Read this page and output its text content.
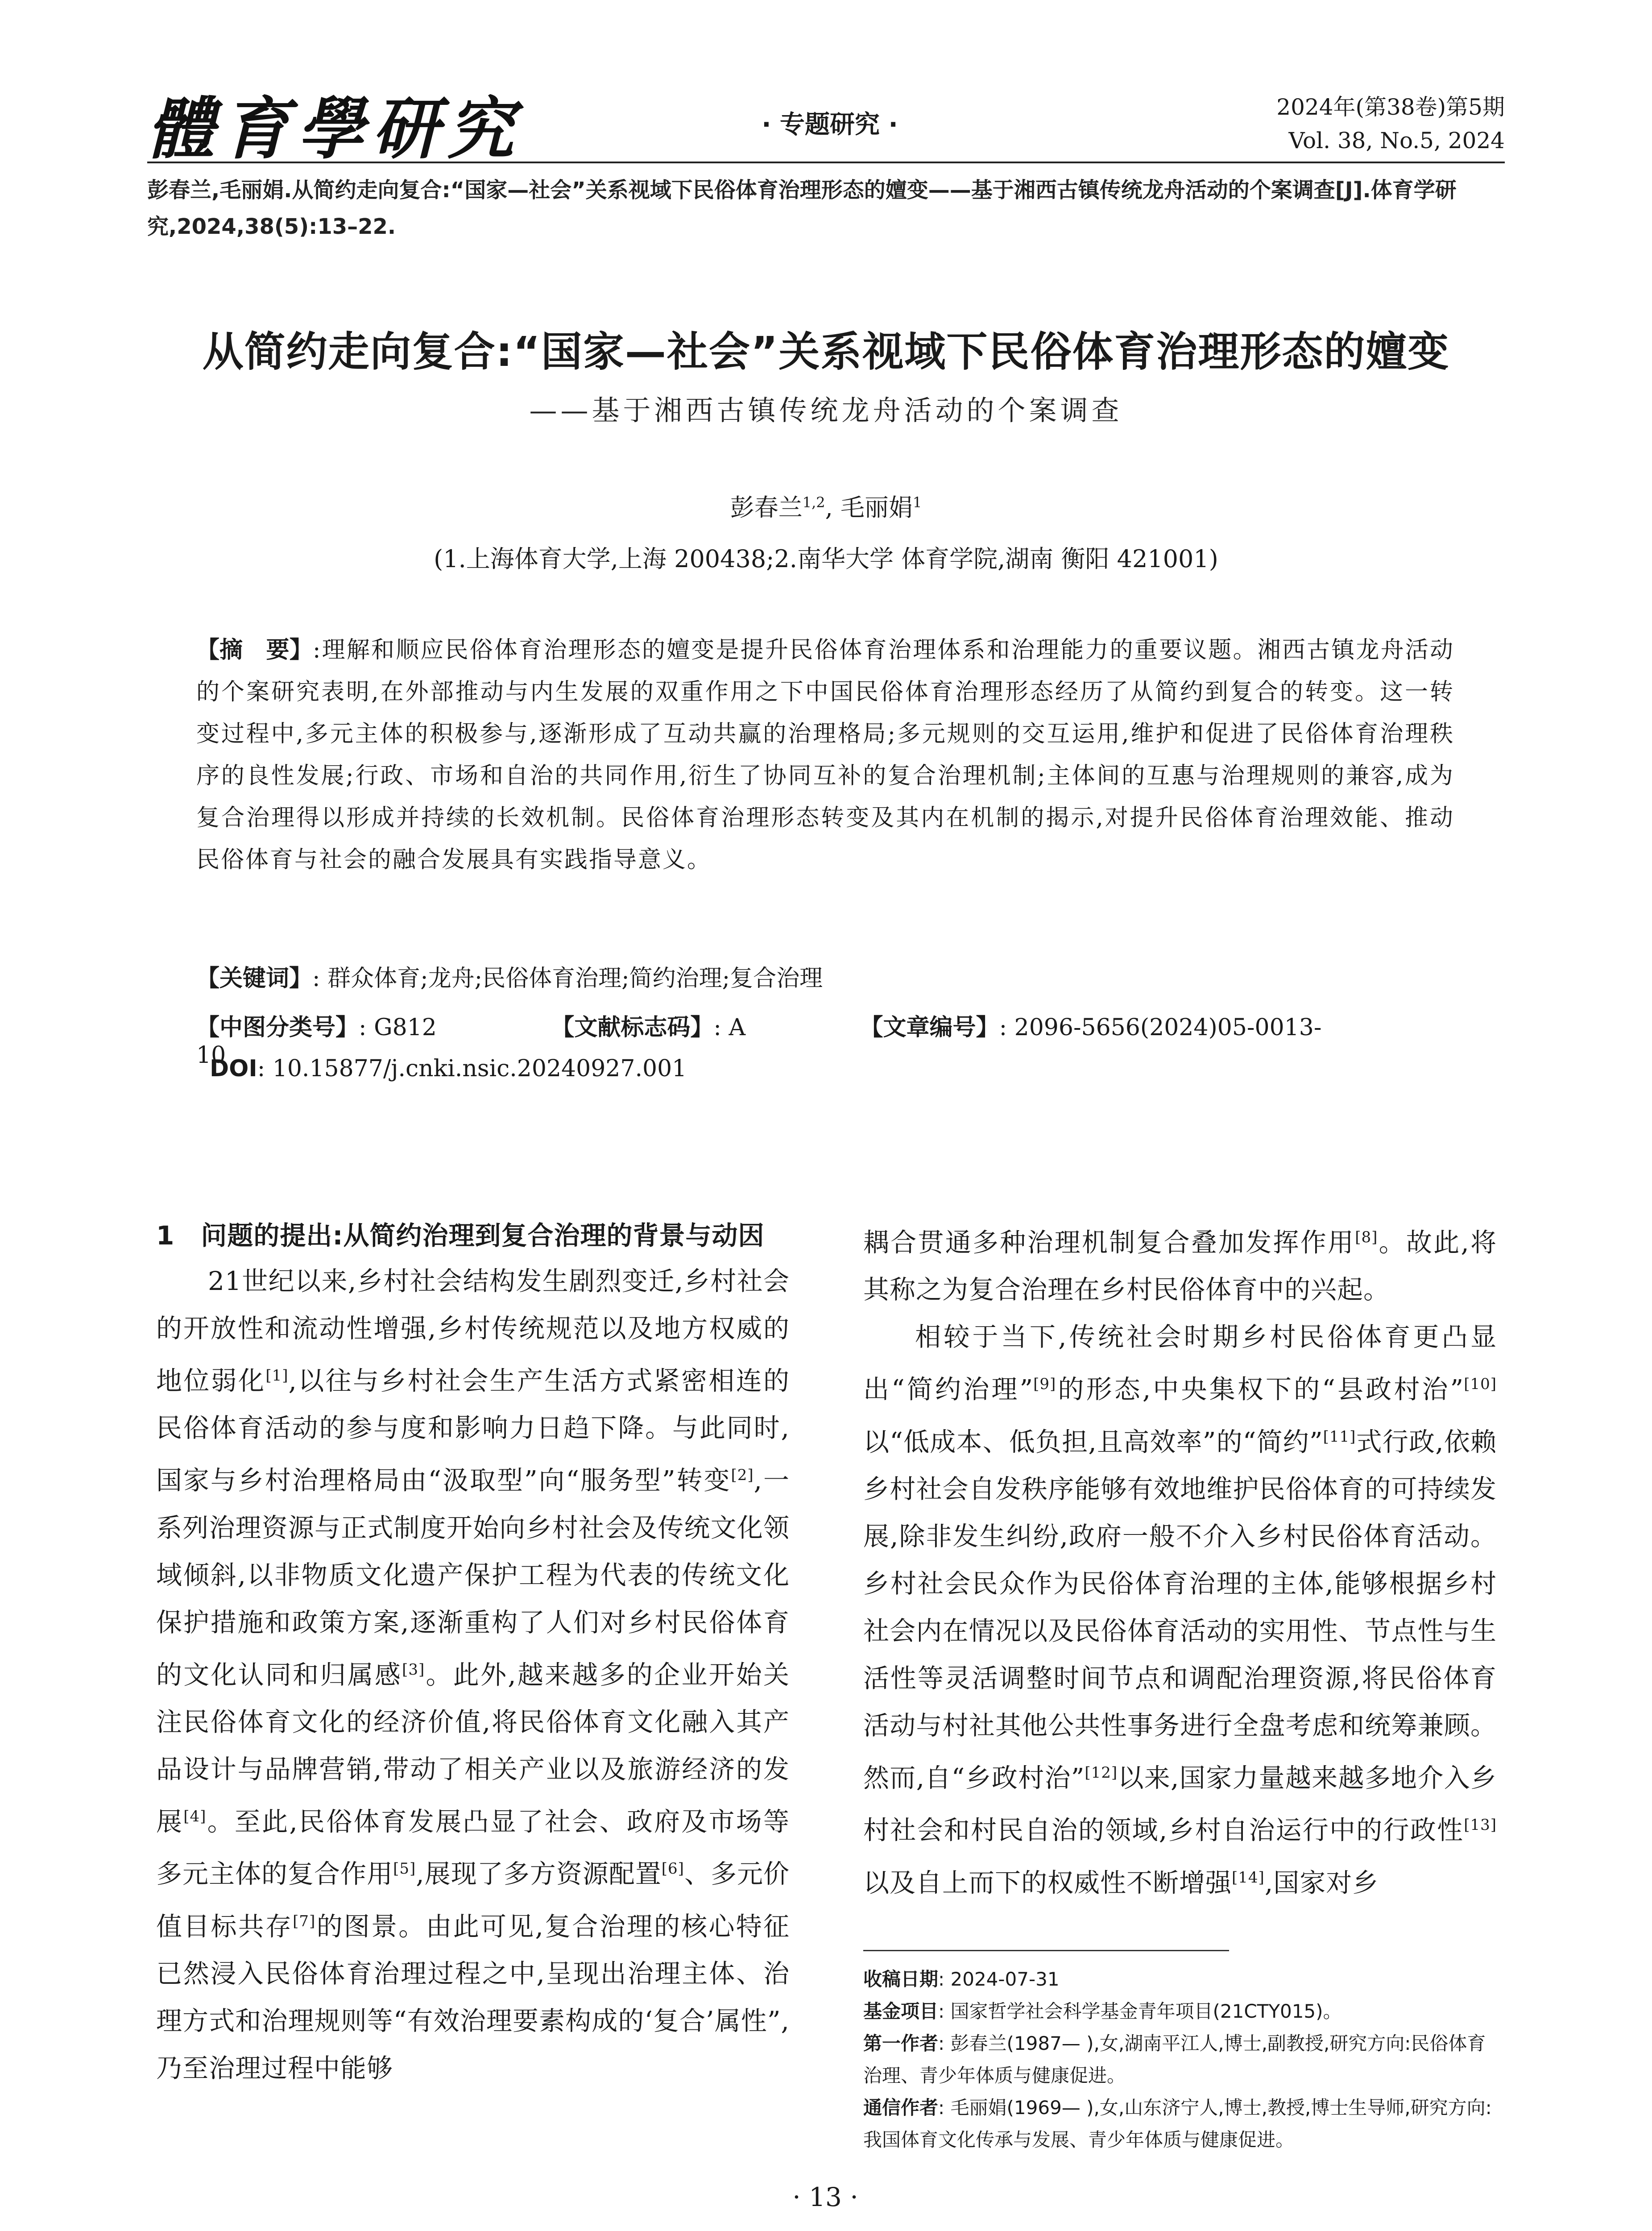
體育學研究	· 专题研究 ·
2024年(第38卷)第5期
Vol. 38, No.5, 2024
彭春兰,毛丽娟.从简约走向复合:“国家—社会”关系视域下民俗体育治理形态的嬗变——基于湘西古镇传统龙舟活动的个案调查[J].体育学研究,2024,38(5):13–22.
从简约走向复合:“国家—社会”关系视域下民俗体育治理形态的嬗变
——基于湘西古镇传统龙舟活动的个案调查
彭春兰$^{1,2}$, 毛丽娟$^1$
(1.上海体育大学,上海 200438;2.南华大学 体育学院,湖南 衡阳 421001)
【摘　要】:理解和顺应民俗体育治理形态的嬗变是提升民俗体育治理体系和治理能力的重要议题。湘西古镇龙舟活动的个案研究表明,在外部推动与内生发展的双重作用之下中国民俗体育治理形态经历了从简约到复合的转变。这一转变过程中,多元主体的积极参与,逐渐形成了互动共赢的治理格局;多元规则的交互运用,维护和促进了民俗体育治理秩序的良性发展;行政、市场和自治的共同作用,衍生了协同互补的复合治理机制;主体间的互惠与治理规则的兼容,成为复合治理得以形成并持续的长效机制。民俗体育治理形态转变及其内在机制的揭示,对提升民俗体育治理效能、推动民俗体育与社会的融合发展具有实践指导意义。
【关键词】: 群众体育;龙舟;民俗体育治理;简约治理;复合治理
【中图分类号】: G812	【文献标志码】: A	【文章编号】: 2096-5656(2024)05-0013-10
DOI: 10.15877/j.cnki.nsic.20240927.001

1　问题的提出:从简约治理到复合治理的背景与动因

21世纪以来,乡村社会结构发生剧烈变迁,乡村社会的开放性和流动性增强,乡村传统规范以及地方权威的地位弱化[1],以往与乡村社会生产生活方式紧密相连的民俗体育活动的参与度和影响力日趋下降。与此同时,国家与乡村治理格局由“汲取型”向“服务型”转变[2],一系列治理资源与正式制度开始向乡村社会及传统文化领域倾斜,以非物质文化遗产保护工程为代表的传统文化保护措施和政策方案,逐渐重构了人们对乡村民俗体育的文化认同和归属感[3]。此外,越来越多的企业开始关注民俗体育文化的经济价值,将民俗体育文化融入其产品设计与品牌营销,带动了相关产业以及旅游经济的发展[4]。至此,民俗体育发展凸显了社会、政府及市场等多元主体的复合作用[5],展现了多方资源配置[6]、多元价值目标共存[7]的图景。由此可见,复合治理的核心特征已然浸入民俗体育治理过程之中,呈现出治理主体、治理方式和治理规则等“有效治理要素构成的‘复合’属性”,乃至治理过程中能够

耦合贯通多种治理机制复合叠加发挥作用[8]。故此,将其称之为复合治理在乡村民俗体育中的兴起。

相较于当下,传统社会时期乡村民俗体育更凸显出“简约治理”[9]的形态,中央集权下的“县政村治”[10]以“低成本、低负担,且高效率”的“简约”[11]式行政,依赖乡村社会自发秩序能够有效地维护民俗体育的可持续发展,除非发生纠纷,政府一般不介入乡村民俗体育活动。乡村社会民众作为民俗体育治理的主体,能够根据乡村社会内在情况以及民俗体育活动的实用性、节点性与生活性等灵活调整时间节点和调配治理资源,将民俗体育活动与村社其他公共性事务进行全盘考虑和统筹兼顾。然而,自“乡政村治”[12]以来,国家力量越来越多地介入乡村社会和村民自治的领域,乡村自治运行中的行政性[13]以及自上而下的权威性不断增强[14],国家对乡

收稿日期: 2024-07-31
基金项目: 国家哲学社会科学基金青年项目(21CTY015)。
第一作者: 彭春兰(1987— ),女,湖南平江人,博士,副教授,研究方向:民俗体育治理、青少年体质与健康促进。
通信作者: 毛丽娟(1969— ),女,山东济宁人,博士,教授,博士生导师,研究方向:我国体育文化传承与发展、青少年体质与健康促进。
· 13 ·
